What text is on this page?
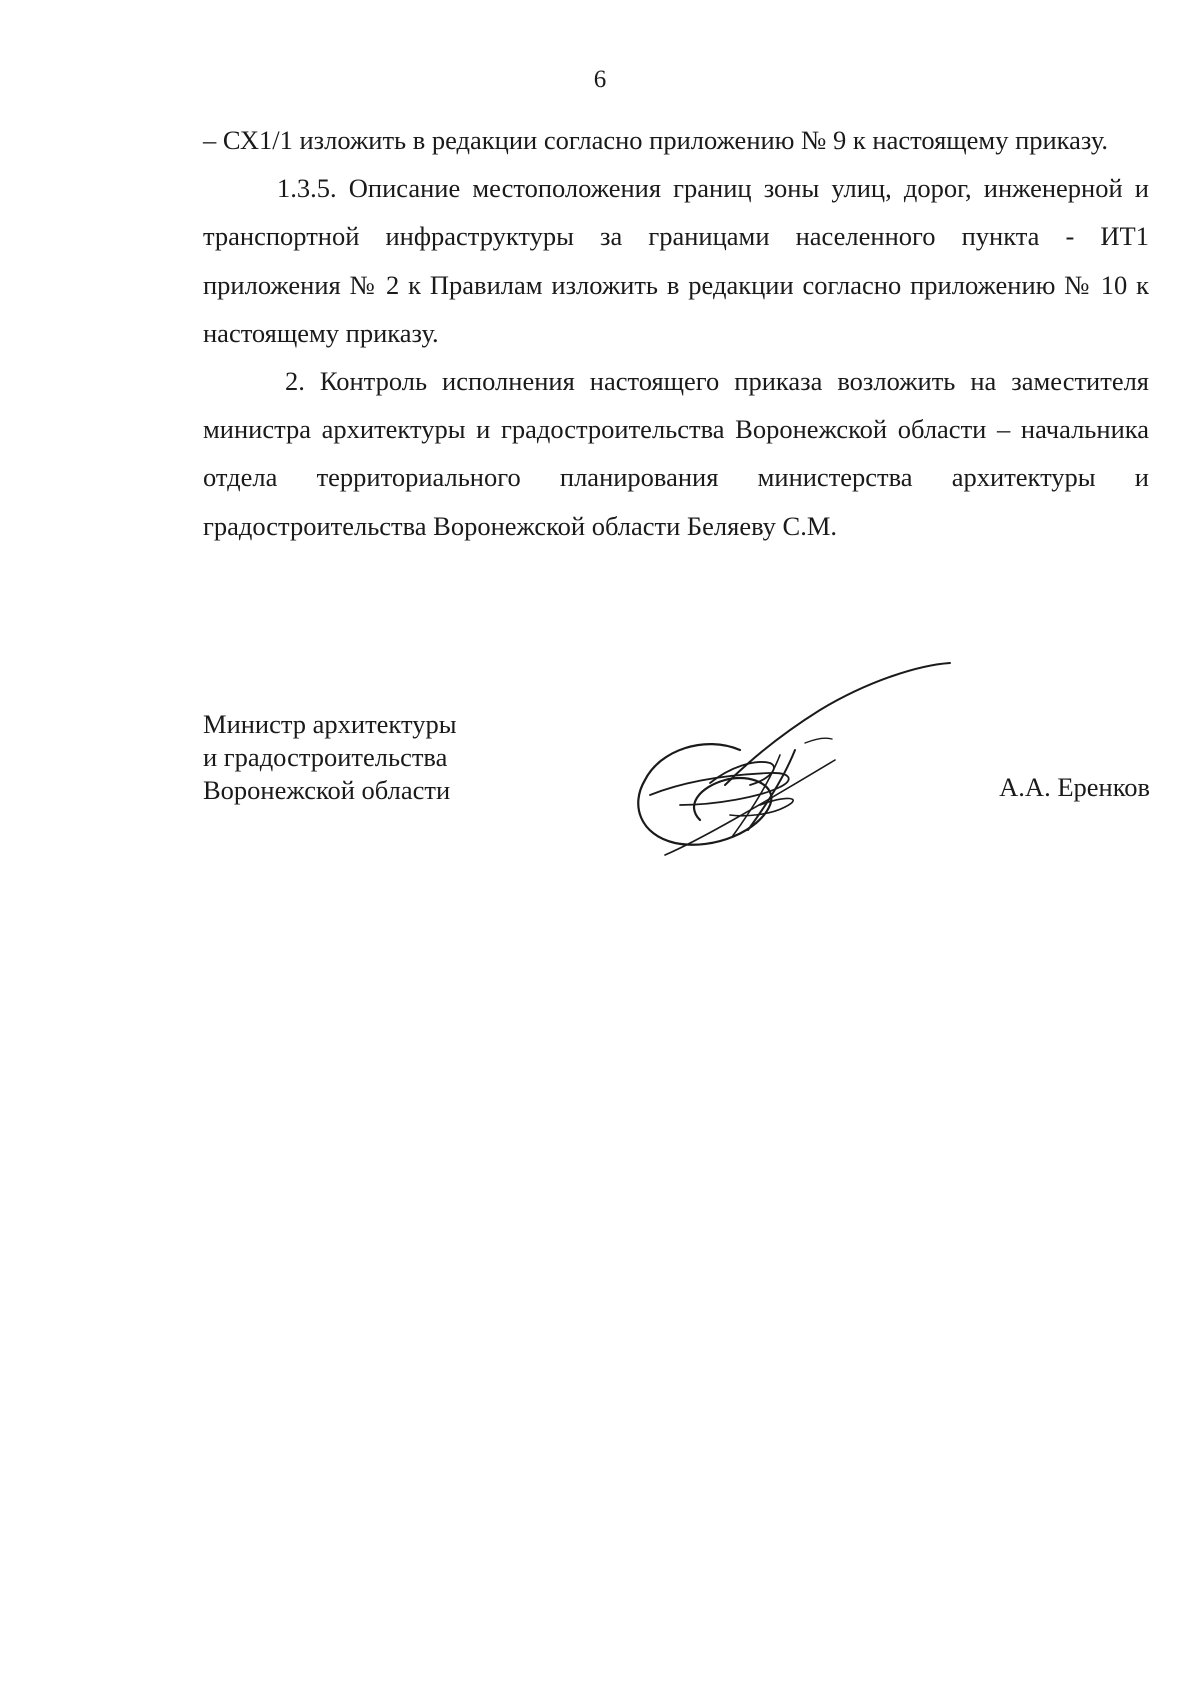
6

– СХ1/1 изложить в редакции согласно приложению № 9 к настоящему приказу.

1.3.5. Описание местоположения границ зоны улиц, дорог, инженерной и транспортной инфраструктуры за границами населенного пункта - ИТ1 приложения № 2 к Правилам изложить в редакции согласно приложению № 10 к настоящему приказу.

2. Контроль исполнения настоящего приказа возложить на заместителя министра архитектуры и градостроительства Воронежской области – начальника отдела территориального планирования министерства архитектуры и градостроительства Воронежской области Беляеву С.М.

Министр архитектуры
и градостроительства
Воронежской области	А.А. Еренков
